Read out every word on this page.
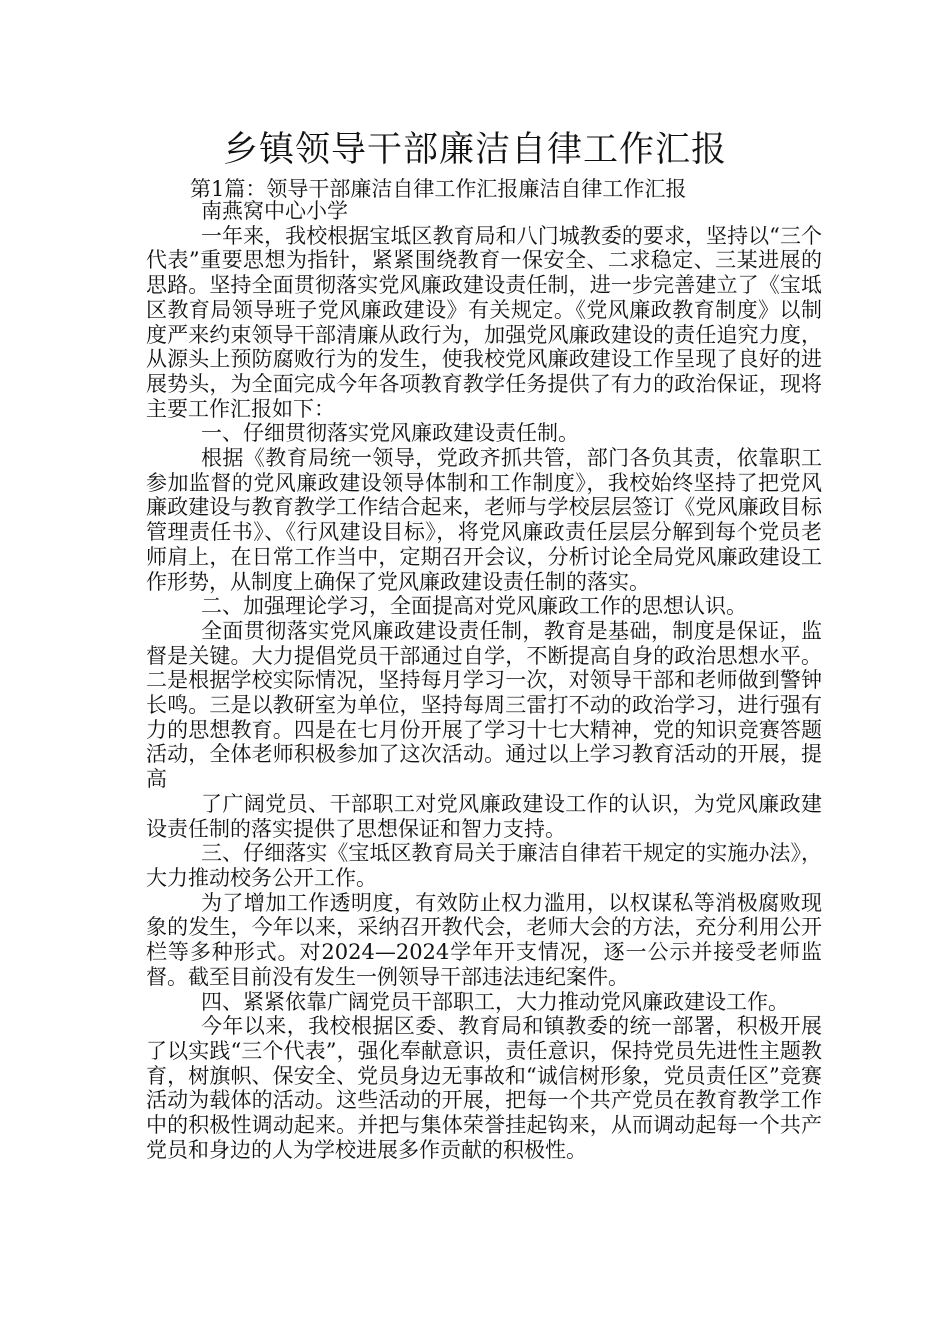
乡镇领导干部廉洁自律工作汇报
第1篇：领导干部廉洁自律工作汇报廉洁自律工作汇报

南燕窝中心小学

一年来，我校根据宝坻区教育局和八门城教委的要求，坚持以“三个代表”重要思想为指针，紧紧围绕教育一保安全、二求稳定、三某进展的思路。坚持全面贯彻落实党风廉政建设责任制，进一步完善建立了《宝坻区教育局领导班子党风廉政建设》有关规定。《党风廉政教育制度》以制度严来约束领导干部清廉从政行为，加强党风廉政建设的责任追究力度，从源头上预防腐败行为的发生，使我校党风廉政建设工作呈现了良好的进展势头，为全面完成今年各项教育教学任务提供了有力的政治保证，现将主要工作汇报如下：

一、仔细贯彻落实党风廉政建设责任制。

根据《教育局统一领导，党政齐抓共管，部门各负其责，依靠职工参加监督的党风廉政建设领导体制和工作制度》，我校始终坚持了把党风廉政建设与教育教学工作结合起来，老师与学校层层签订《党风廉政目标管理责任书》、《行风建设目标》，将党风廉政责任层层分解到每个党员老师肩上，在日常工作当中，定期召开会议，分析讨论全局党风廉政建设工作形势，从制度上确保了党风廉政建设责任制的落实。

二、加强理论学习，全面提高对党风廉政工作的思想认识。

全面贯彻落实党风廉政建设责任制，教育是基础，制度是保证，监督是关键。大力提倡党员干部通过自学，不断提高自身的政治思想水平。二是根据学校实际情况，坚持每月学习一次，对领导干部和老师做到警钟长鸣。三是以教研室为单位，坚持每周三雷打不动的政治学习，进行强有力的思想教育。四是在七月份开展了学习十七大精神，党的知识竞赛答题活动，全体老师积极参加了这次活动。通过以上学习教育活动的开展，提高

了广阔党员、干部职工对党风廉政建设工作的认识，为党风廉政建设责任制的落实提供了思想保证和智力支持。

三、仔细落实《宝坻区教育局关于廉洁自律若干规定的实施办法》，大力推动校务公开工作。

为了增加工作透明度，有效防止权力滥用，以权谋私等消极腐败现象的发生，今年以来，采纳召开教代会，老师大会的方法，充分利用公开栏等多种形式。对2024—2024学年开支情况，逐一公示并接受老师监督。截至目前没有发生一例领导干部违法违纪案件。

四、紧紧依靠广阔党员干部职工，大力推动党风廉政建设工作。

今年以来，我校根据区委、教育局和镇教委的统一部署，积极开展了以实践“三个代表”，强化奉献意识，责任意识，保持党员先进性主题教育，树旗帜、保安全、党员身边无事故和“诚信树形象，党员责任区”竞赛活动为载体的活动。这些活动的开展，把每一个共产党员在教育教学工作中的积极性调动起来。并把与集体荣誉挂起钩来，从而调动起每一个共产党员和身边的人为学校进展多作贡献的积极性。
